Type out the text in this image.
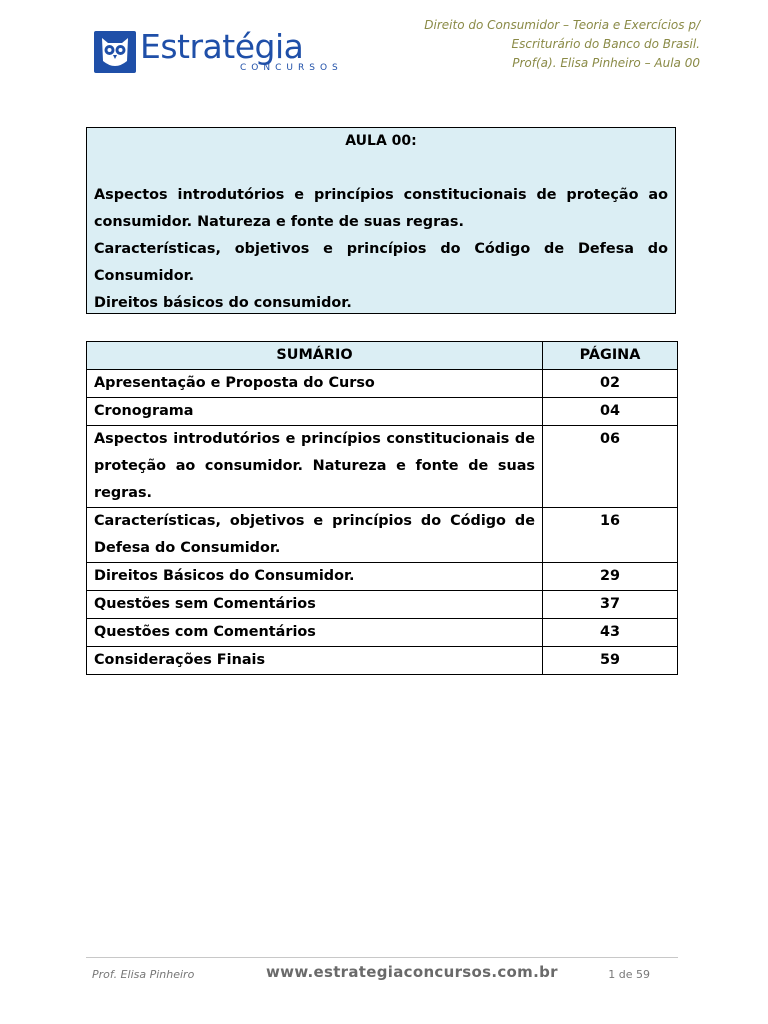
Estratégia
CONCURSOS
Direito do Consumidor – Teoria e Exercícios p/
Escriturário do Banco do Brasil.
Prof(a). Elisa Pinheiro – Aula 00
AULA 00:

Aspectos introdutórios e princípios constitucionais de proteção ao consumidor. Natureza e fonte de suas regras.

Características, objetivos e princípios do Código de Defesa do Consumidor.

Direitos básicos do consumidor.

SUMÁRIO	PÁGINA
Apresentação e Proposta do Curso	02
Cronograma	04
Aspectos introdutórios e princípios constitucionais de proteção ao consumidor. Natureza e fonte de suas regras.	06
Características, objetivos e princípios do Código de Defesa do Consumidor.	16
Direitos Básicos do Consumidor.	29
Questões sem Comentários	37
Questões com Comentários	43
Considerações Finais	59
Prof. Elisa Pinheiro	www.estrategiaconcursos.com.br	1 de 59
